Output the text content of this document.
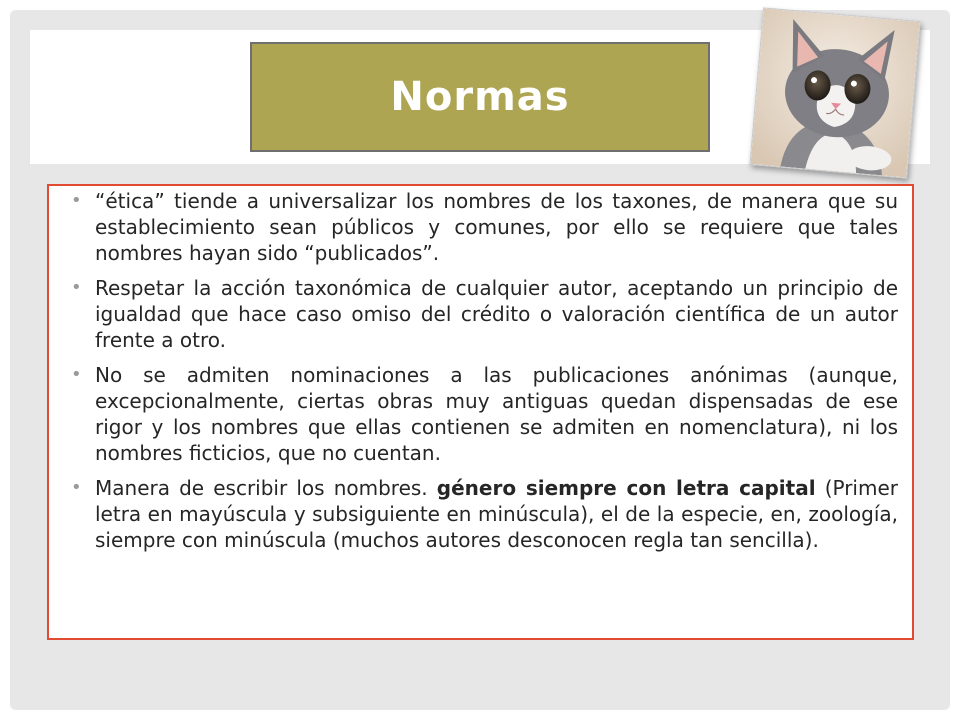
Normas
• “ética” tiende a universalizar los nombres de los taxones, de manera que su establecimiento sean públicos y comunes, por ello se requiere que tales nombres hayan sido “publicados”.
• Respetar la acción taxonómica de cualquier autor, aceptando un principio de igualdad que hace caso omiso del crédito o valoración científica de un autor frente a otro.
• No se admiten nominaciones a las publicaciones anónimas (aunque, excepcionalmente, ciertas obras muy antiguas quedan dispensadas de ese rigor y los nombres que ellas contienen se admiten en nomenclatura), ni los nombres ficticios, que no cuentan.
• Manera de escribir los nombres. género siempre con letra capital (Primer letra en mayúscula y subsiguiente en minúscula), el de la especie, en, zoología, siempre con minúscula (muchos autores desconocen regla tan sencilla).
